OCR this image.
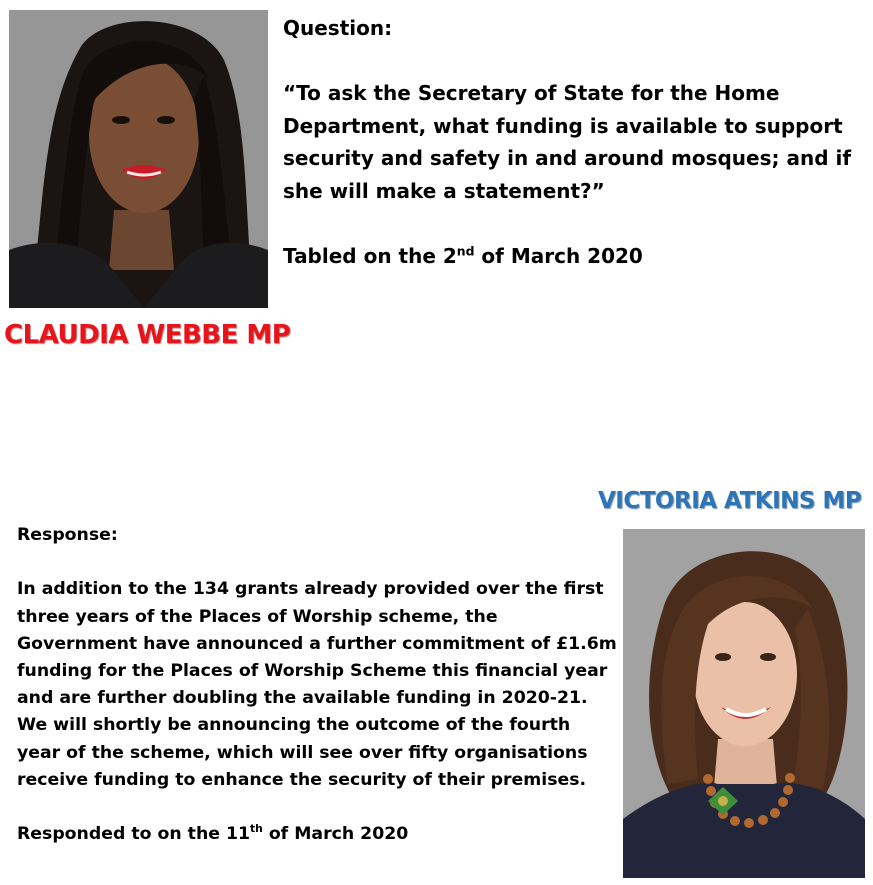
Question:

“To ask the Secretary of State for the Home Department, what funding is available to support security and safety in and around mosques; and if she will make a statement?”

Tabled on the 2nd of March 2020

CLAUDIA WEBBE MP
VICTORIA ATKINS MP

Response:

In addition to the 134 grants already provided over the first three years of the Places of Worship scheme, the Government have announced a further commitment of £1.6m funding for the Places of Worship Scheme this financial year and are further doubling the available funding in 2020-21. We will shortly be announcing the outcome of the fourth year of the scheme, which will see over fifty organisations receive funding to enhance the security of their premises.

Responded to on the 11th of March 2020
